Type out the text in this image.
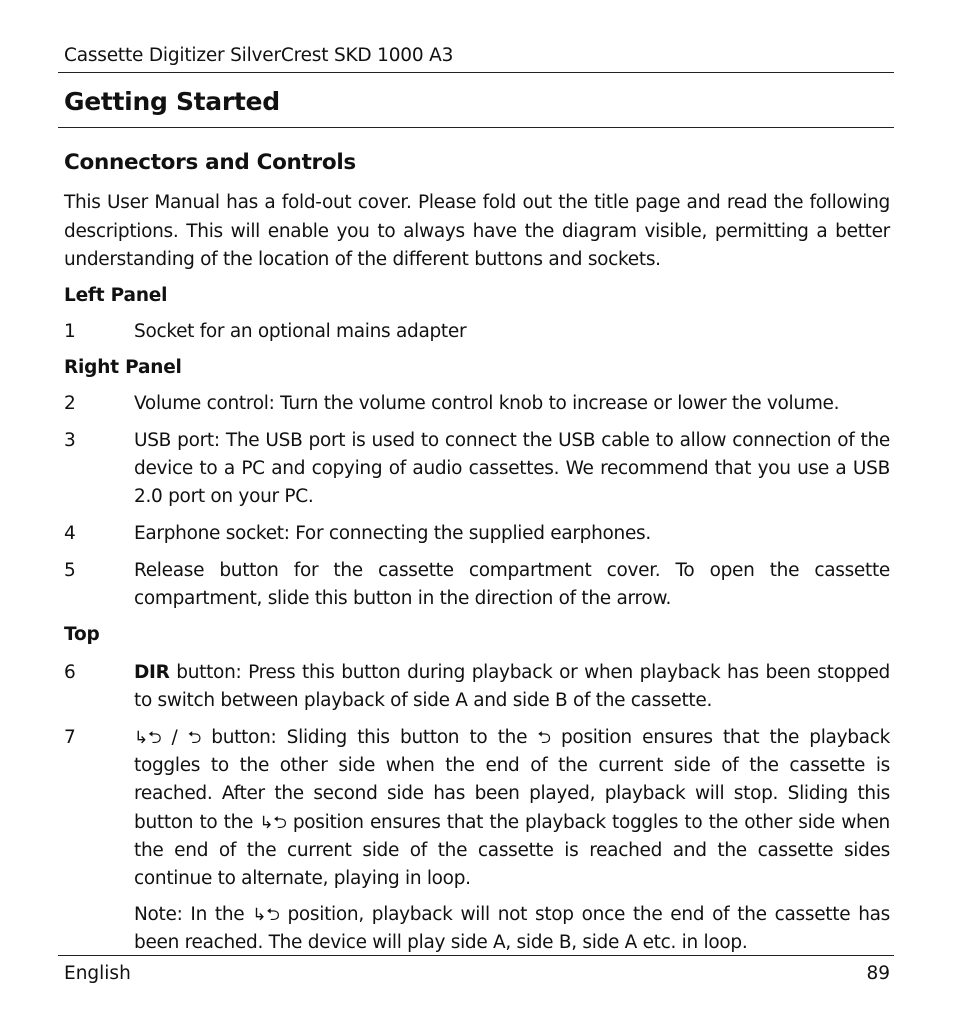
Cassette Digitizer SilverCrest SKD 1000 A3
Getting Started
Connectors and Controls
This User Manual has a fold-out cover. Please fold out the title page and read the following descriptions. This will enable you to always have the diagram visible, permitting a better understanding of the location of the different buttons and sockets.
Left Panel
1	Socket for an optional mains adapter

Right Panel
2	Volume control: Turn the volume control knob to increase or lower the volume.

3	USB port: The USB port is used to connect the USB cable to allow connection of the device to a PC and copying of audio cassettes. We recommend that you use a USB 2.0 port on your PC.

4	Earphone socket: For connecting the supplied earphones.

5	Release button for the cassette compartment cover. To open the cassette compartment, slide this button in the direction of the arrow.

Top
6	DIR button: Press this button during playback or when playback has been stopped to switch between playback of side A and side B of the cassette.

7	↳⮌ / ⮌ button: Sliding this button to the ⮌ position ensures that the playback toggles to the other side when the end of the current side of the cassette is reached. After the second side has been played, playback will stop. Sliding this button to the ↳⮌ position ensures that the playback toggles to the other side when the end of the current side of the cassette is reached and the cassette sides continue to alternate, playing in loop.

Note: In the ↳⮌ position, playback will not stop once the end of the cassette has been reached. The device will play side A, side B, side A etc. in loop.

English	89
